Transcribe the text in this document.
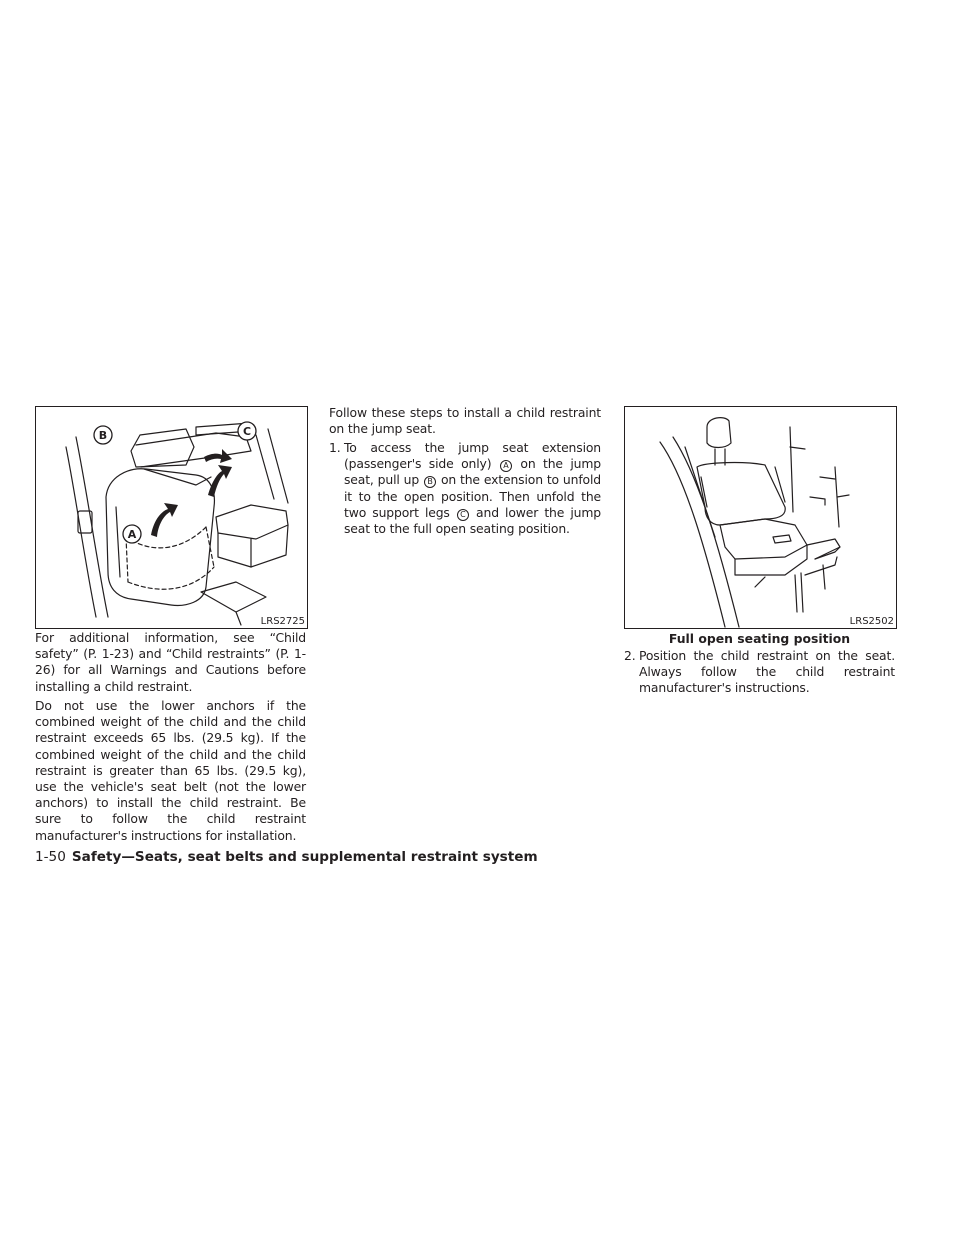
B	C
A
LRS2725

For additional information, see “Child safety” (P. 1-23) and “Child restraints” (P. 1-26) for all Warnings and Cautions before installing a child restraint.

Do not use the lower anchors if the combined weight of the child and the child restraint exceeds 65 lbs. (29.5 kg). If the combined weight of the child and the child restraint is greater than 65 lbs. (29.5 kg), use the vehicle's seat belt (not the lower anchors) to install the child restraint. Be sure to follow the child restraint manufacturer's instructions for installation.

Follow these steps to install a child restraint on the jump seat.

1. To access the jump seat extension (passenger's side only) A on the jump seat, pull up B on the extension to unfold it to the open position. Then unfold the two support legs C and lower the jump seat to the full open seating position.
LRS2502
Full open seating position
2. Position the child restraint on the seat. Always follow the child restraint manufacturer's instructions.
1-50 Safety—Seats, seat belts and supplemental restraint system
